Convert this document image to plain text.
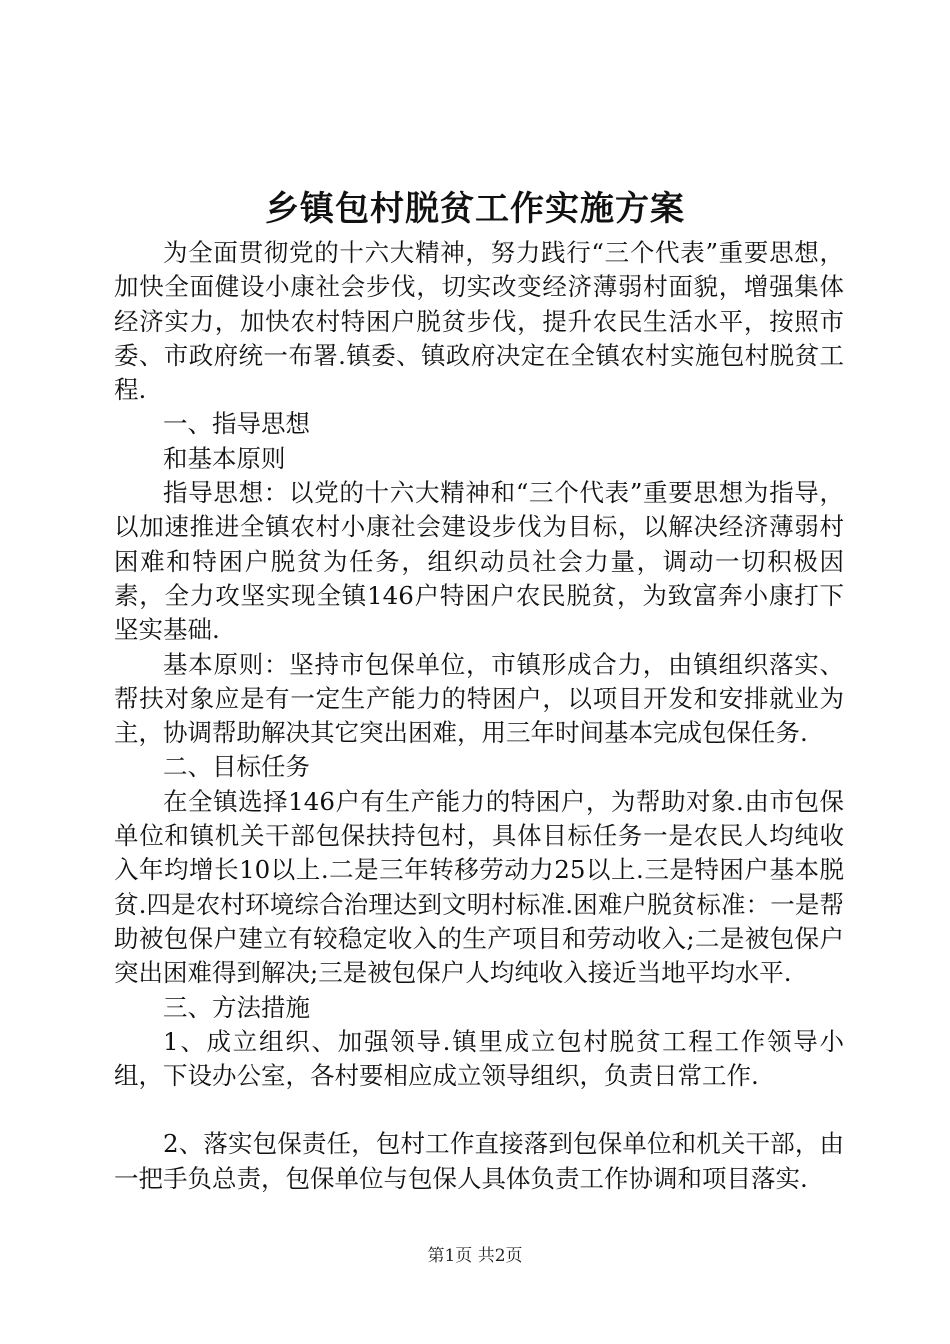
乡镇包村脱贫工作实施方案

为全面贯彻党的十六大精神，努力践行“三个代表”重要思想，加快全面健设小康社会步伐，切实改变经济薄弱村面貌，增强集体经济实力，加快农村特困户脱贫步伐，提升农民生活水平，按照市委、市政府统一布署.镇委、镇政府决定在全镇农村实施包村脱贫工程.

一、指导思想

和基本原则

指导思想：以党的十六大精神和“三个代表”重要思想为指导，以加速推进全镇农村小康社会建设步伐为目标，以解决经济薄弱村困难和特困户脱贫为任务，组织动员社会力量，调动一切积极因素，全力攻坚实现全镇146户特困户农民脱贫，为致富奔小康打下坚实基础.

基本原则：坚持市包保单位，市镇形成合力，由镇组织落实、帮扶对象应是有一定生产能力的特困户，以项目开发和安排就业为主，协调帮助解决其它突出困难，用三年时间基本完成包保任务.

二、目标任务

在全镇选择146户有生产能力的特困户，为帮助对象.由市包保单位和镇机关干部包保扶持包村，具体目标任务一是农民人均纯收入年均增长10以上.二是三年转移劳动力25以上.三是特困户基本脱贫.四是农村环境综合治理达到文明村标准.困难户脱贫标准：一是帮助被包保户建立有较稳定收入的生产项目和劳动收入;二是被包保户突出困难得到解决;三是被包保户人均纯收入接近当地平均水平.

三、方法措施

1、成立组织、加强领导.镇里成立包村脱贫工程工作领导小组，下设办公室，各村要相应成立领导组织，负责日常工作.

2、落实包保责任，包村工作直接落到包保单位和机关干部，由一把手负总责，包保单位与包保人具体负责工作协调和项目落实.

第1页 共2页
